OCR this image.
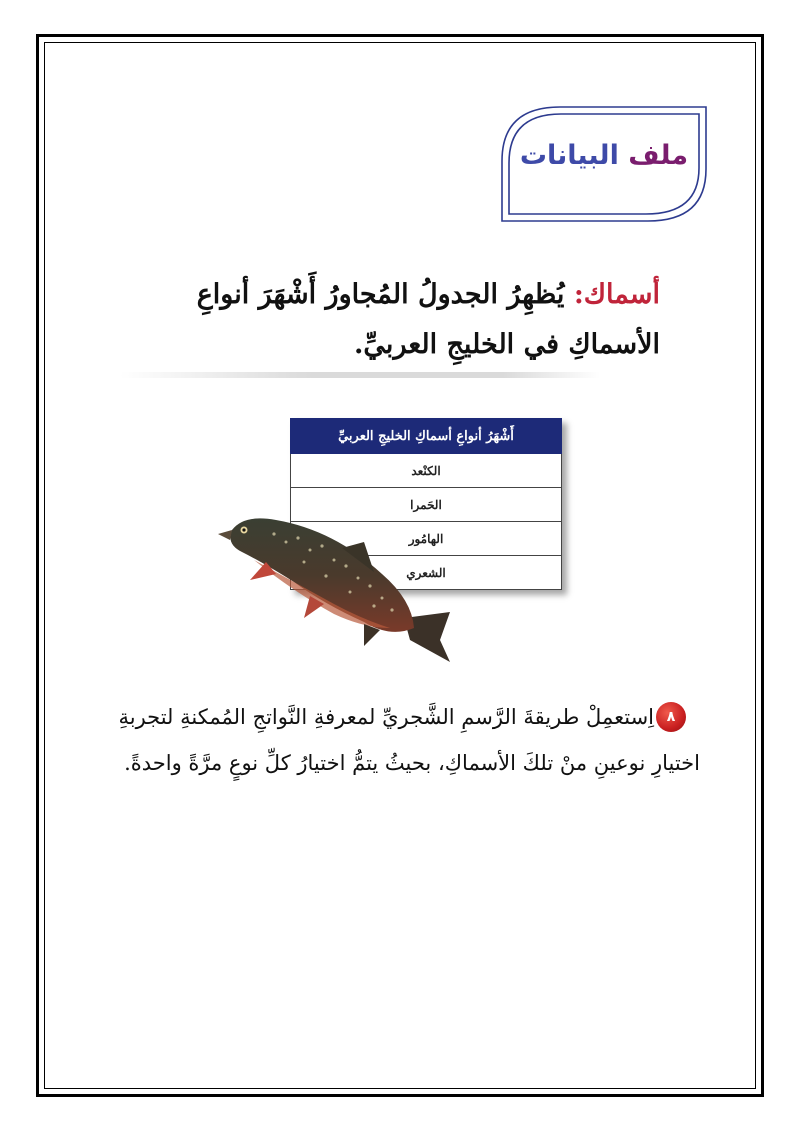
ملف البيانات
أسماك: يُظهِرُ الجدولُ المُجاورُ أَشْهَرَ أنواعِ الأسماكِ في الخليجِ العربيِّ.
أَشْهَرُ أنواعِ أسماكِ الخليجِ العربيِّ
الكنْعد
الحَمرا
الهامُور
الشعري
٨
اِستعمِلْ طريقةَ الرَّسمِ الشَّجريِّ لمعرفةِ النَّواتجِ المُمكنةِ لتجربةِ اختيارِ نوعينِ منْ تلكَ الأسماكِ، بحيثُ يتمُّ اختيارُ كلِّ نوعٍ مرَّةً واحدةً.
